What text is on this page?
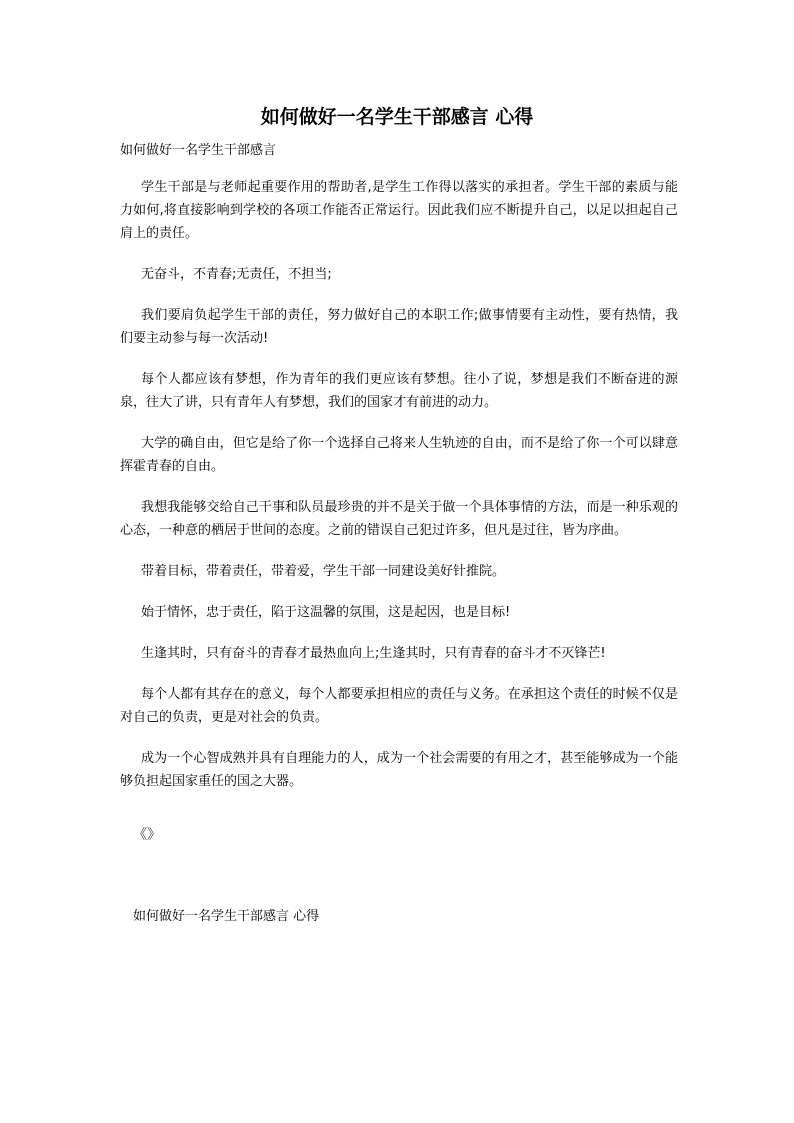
如何做好一名学生干部感言 心得

如何做好一名学生干部感言

学生干部是与老师起重要作用的帮助者,是学生工作得以落实的承担者。学生干部的素质与能力如何,将直接影响到学校的各项工作能否正常运行。因此我们应不断提升自己，以足以担起自己肩上的责任。

无奋斗，不青春;无责任，不担当;

我们要肩负起学生干部的责任，努力做好自己的本职工作;做事情要有主动性，要有热情，我们要主动参与每一次活动!

每个人都应该有梦想，作为青年的我们更应该有梦想。往小了说，梦想是我们不断奋进的源泉，往大了讲，只有青年人有梦想，我们的国家才有前进的动力。

大学的确自由，但它是给了你一个选择自己将来人生轨迹的自由，而不是给了你一个可以肆意挥霍青春的自由。

我想我能够交给自己干事和队员最珍贵的并不是关于做一个具体事情的方法，而是一种乐观的心态，一种意的栖居于世间的态度。之前的错误自己犯过许多，但凡是过往，皆为序曲。

带着目标，带着责任，带着爱，学生干部一同建设美好针推院。

始于情怀，忠于责任，陷于这温馨的氛围，这是起因，也是目标!

生逢其时，只有奋斗的青春才最热血向上;生逢其时，只有青春的奋斗才不灭锋芒!

每个人都有其存在的意义，每个人都要承担相应的责任与义务。在承担这个责任的时候不仅是对自己的负责，更是对社会的负责。

成为一个心智成熟并具有自理能力的人，成为一个社会需要的有用之才，甚至能够成为一个能够负担起国家重任的国之大器。

《》

如何做好一名学生干部感言 心得
